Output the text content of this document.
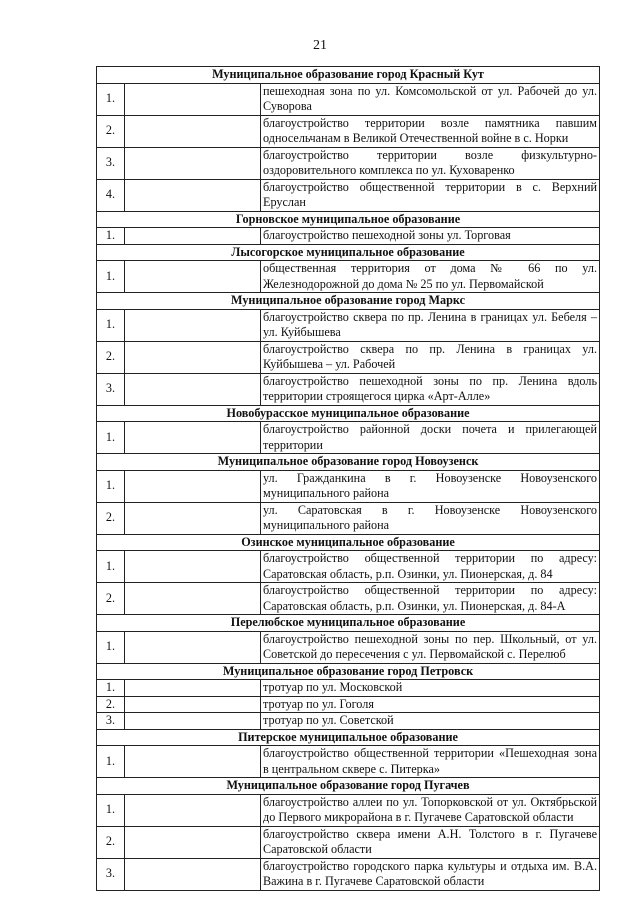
21
Муниципальное образование город Красный Кут		
1.		пешеходная зона по ул. Комсомольской от ул. Рабочей до ул. Суворова
2.		благоустройство территории возле памятника павшим односельчанам в Великой Отечественной войне в с. Норки
3.		благоустройство территории возле физкультурно-оздоровительного комплекса по ул. Куховаренко
4.		благоустройство общественной территории в с. Верхний Еруслан
Горновское муниципальное образование		
1.		благоустройство пешеходной зоны ул. Торговая
Лысогорское муниципальное образование		
1.		общественная территория от дома № 66 по ул. Железнодорожной до дома № 25 по ул. Первомайской
Муниципальное образование город Маркс		
1.		благоустройство сквера по пр. Ленина в границах ул. Бебеля – ул. Куйбышева
2.		благоустройство сквера по пр. Ленина в границах ул. Куйбышева – ул. Рабочей
3.		благоустройство пешеходной зоны по пр. Ленина вдоль территории строящегося цирка «Арт-Алле»
Новобурасское муниципальное образование		
1.		благоустройство районной доски почета и прилегающей территории
Муниципальное образование город Новоузенск		
1.		ул. Гражданкина в г. Новоузенске Новоузенского муниципального района
2.		ул. Саратовская в г. Новоузенске Новоузенского муниципального района
Озинское муниципальное образование		
1.		благоустройство общественной территории по адресу: Саратовская область, р.п. Озинки, ул. Пионерская, д. 84
2.		благоустройство общественной территории по адресу: Саратовская область, р.п. Озинки, ул. Пионерская, д. 84-А
Перелюбское муниципальное образование		
1.		благоустройство пешеходной зоны по пер. Школьный, от ул. Советской до пересечения с ул. Первомайской с. Перелюб
Муниципальное образование город Петровск		
1.		тротуар по ул. Московской
2.		тротуар по ул. Гоголя
3.		тротуар по ул. Советской
Питерское муниципальное образование		
1.		благоустройство общественной территории «Пешеходная зона в центральном сквере с. Питерка»
Муниципальное образование город Пугачев		
1.		благоустройство аллеи по ул. Топорковской от ул. Октябрьской до Первого микрорайона в г. Пугачеве Саратовской области
2.		благоустройство сквера имени А.Н. Толстого в г. Пугачеве Саратовской области
3.		благоустройство городского парка культуры и отдыха им. В.А. Важина в г. Пугачеве Саратовской области
